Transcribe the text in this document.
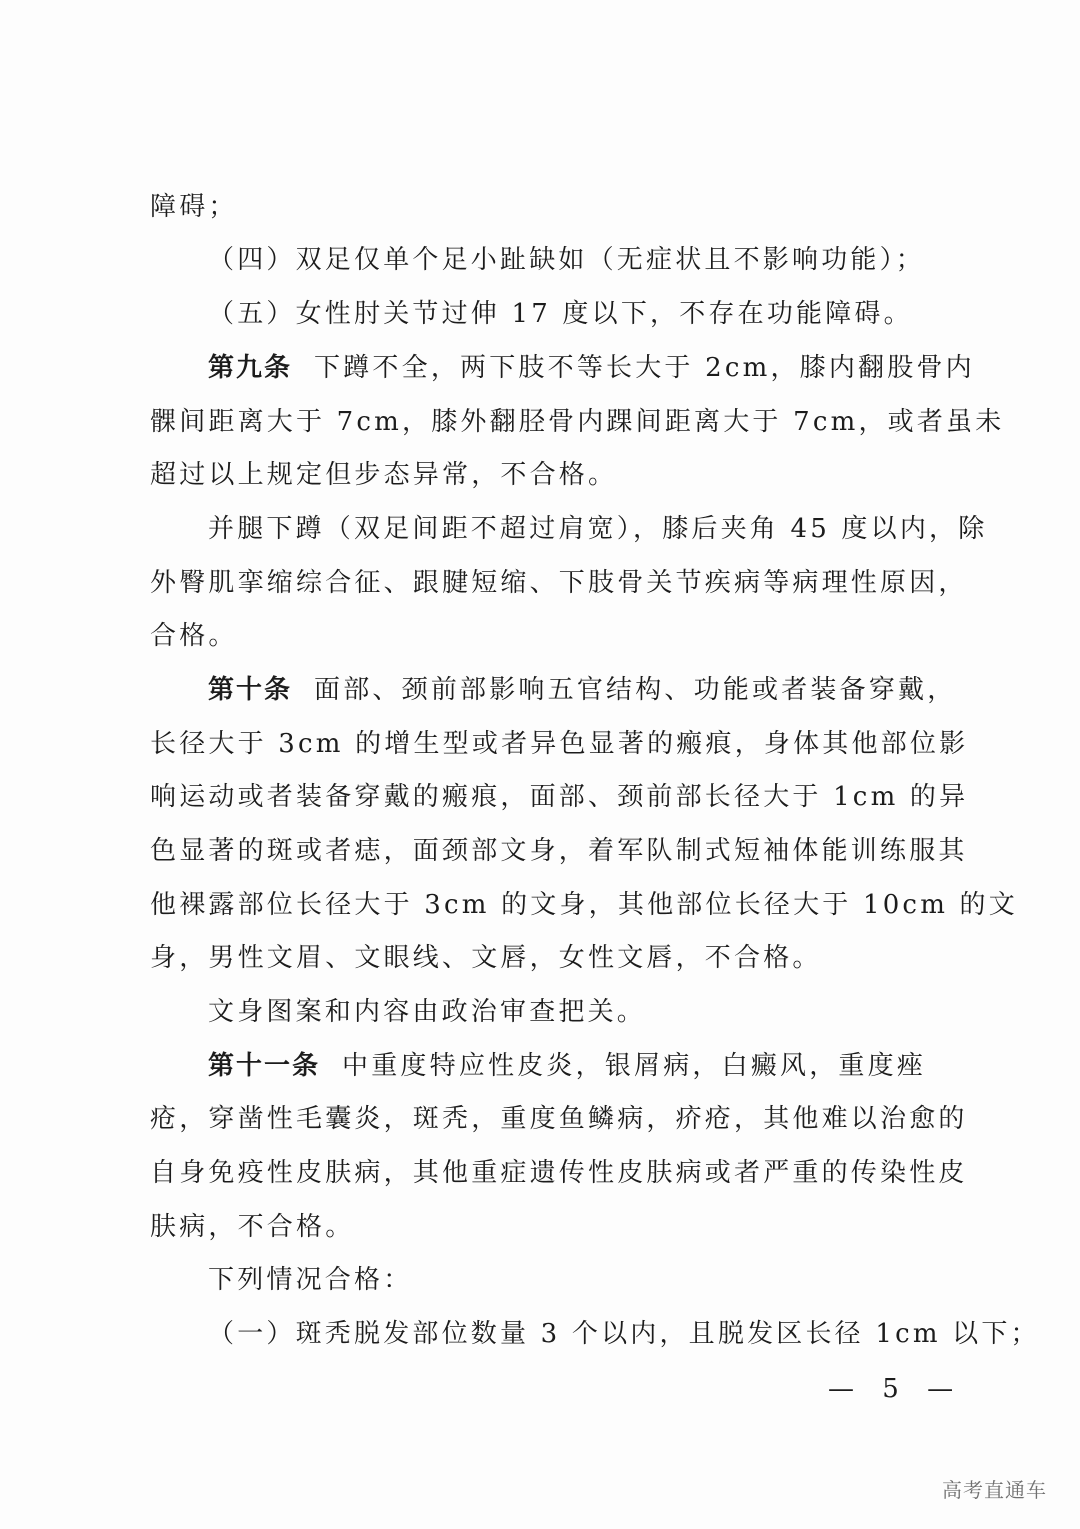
障碍；
（四）双足仅单个足小趾缺如（无症状且不影响功能）；
（五）女性肘关节过伸 17 度以下，不存在功能障碍。
第九条 下蹲不全，两下肢不等长大于 2cm，膝内翻股骨内
髁间距离大于 7cm，膝外翻胫骨内踝间距离大于 7cm，或者虽未
超过以上规定但步态异常，不合格。
并腿下蹲（双足间距不超过肩宽），膝后夹角 45 度以内，除
外臀肌挛缩综合征、跟腱短缩、下肢骨关节疾病等病理性原因，
合格。
第十条 面部、颈前部影响五官结构、功能或者装备穿戴，
长径大于 3cm 的增生型或者异色显著的瘢痕，身体其他部位影
响运动或者装备穿戴的瘢痕，面部、颈前部长径大于 1cm 的异
色显著的斑或者痣，面颈部文身，着军队制式短袖体能训练服其
他裸露部位长径大于 3cm 的文身，其他部位长径大于 10cm 的文
身，男性文眉、文眼线、文唇，女性文唇，不合格。
文身图案和内容由政治审查把关。
第十一条 中重度特应性皮炎，银屑病，白癜风，重度痤
疮，穿凿性毛囊炎，斑秃，重度鱼鳞病，疥疮，其他难以治愈的
自身免疫性皮肤病，其他重症遗传性皮肤病或者严重的传染性皮
肤病，不合格。
下列情况合格：
（一）斑秃脱发部位数量 3 个以内，且脱发区长径 1cm 以下；
— 5 —
高考直通车
